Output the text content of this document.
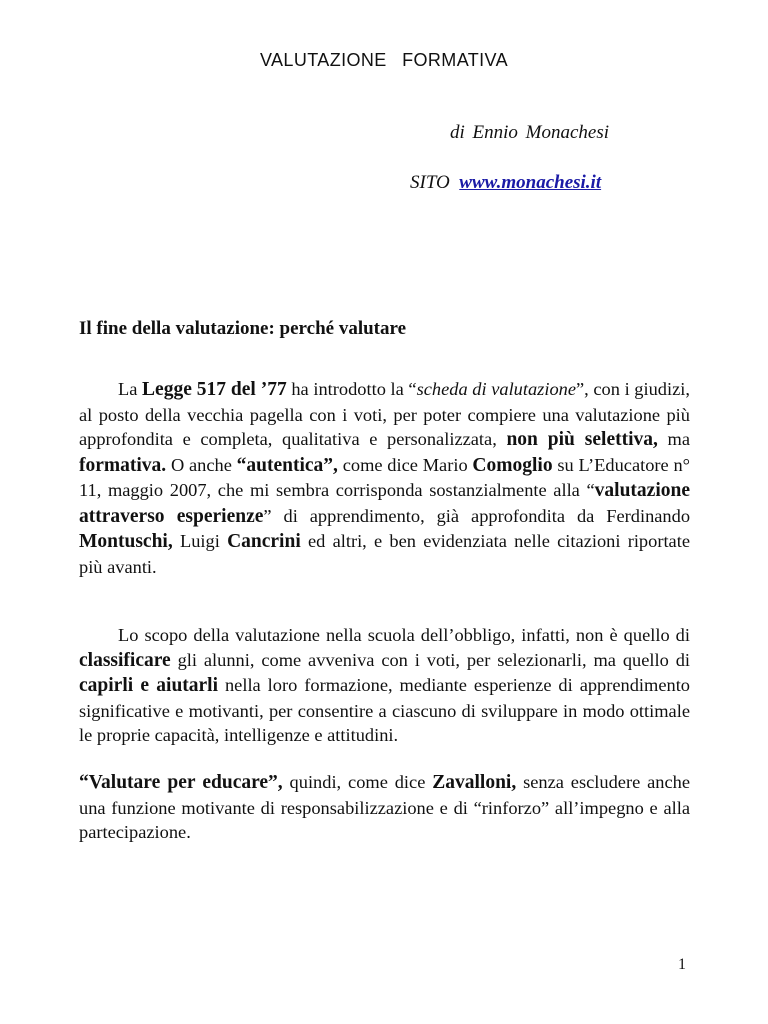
VALUTAZIONE FORMATIVA
di Ennio Monachesi
SITO www.monachesi.it
Il fine della valutazione: perché valutare

La Legge 517 del ’77 ha introdotto la “scheda di valutazione”, con i giudizi, al posto della vecchia pagella con i voti, per poter compiere una valutazione più approfondita e completa, qualitativa e personalizzata, non più selettiva, ma formativa. O anche “autentica”, come dice Mario Comoglio su L’Educatore n° 11, maggio 2007, che mi sembra corrisponda sostanzialmente alla “valutazione attraverso esperienze” di apprendimento, già approfondita da Ferdinando Montuschi, Luigi Cancrini ed altri, e ben evidenziata nelle citazioni riportate più avanti.

Lo scopo della valutazione nella scuola dell’obbligo, infatti, non è quello di classificare gli alunni, come avveniva con i voti, per selezionarli, ma quello di capirli e aiutarli nella loro formazione, mediante esperienze di apprendimento significative e motivanti, per consentire a ciascuno di sviluppare in modo ottimale le proprie capacità, intelligenze e attitudini.

“Valutare per educare”, quindi, come dice Zavalloni, senza escludere anche una funzione motivante di responsabilizzazione e di “rinforzo” all’impegno e alla partecipazione.

1
